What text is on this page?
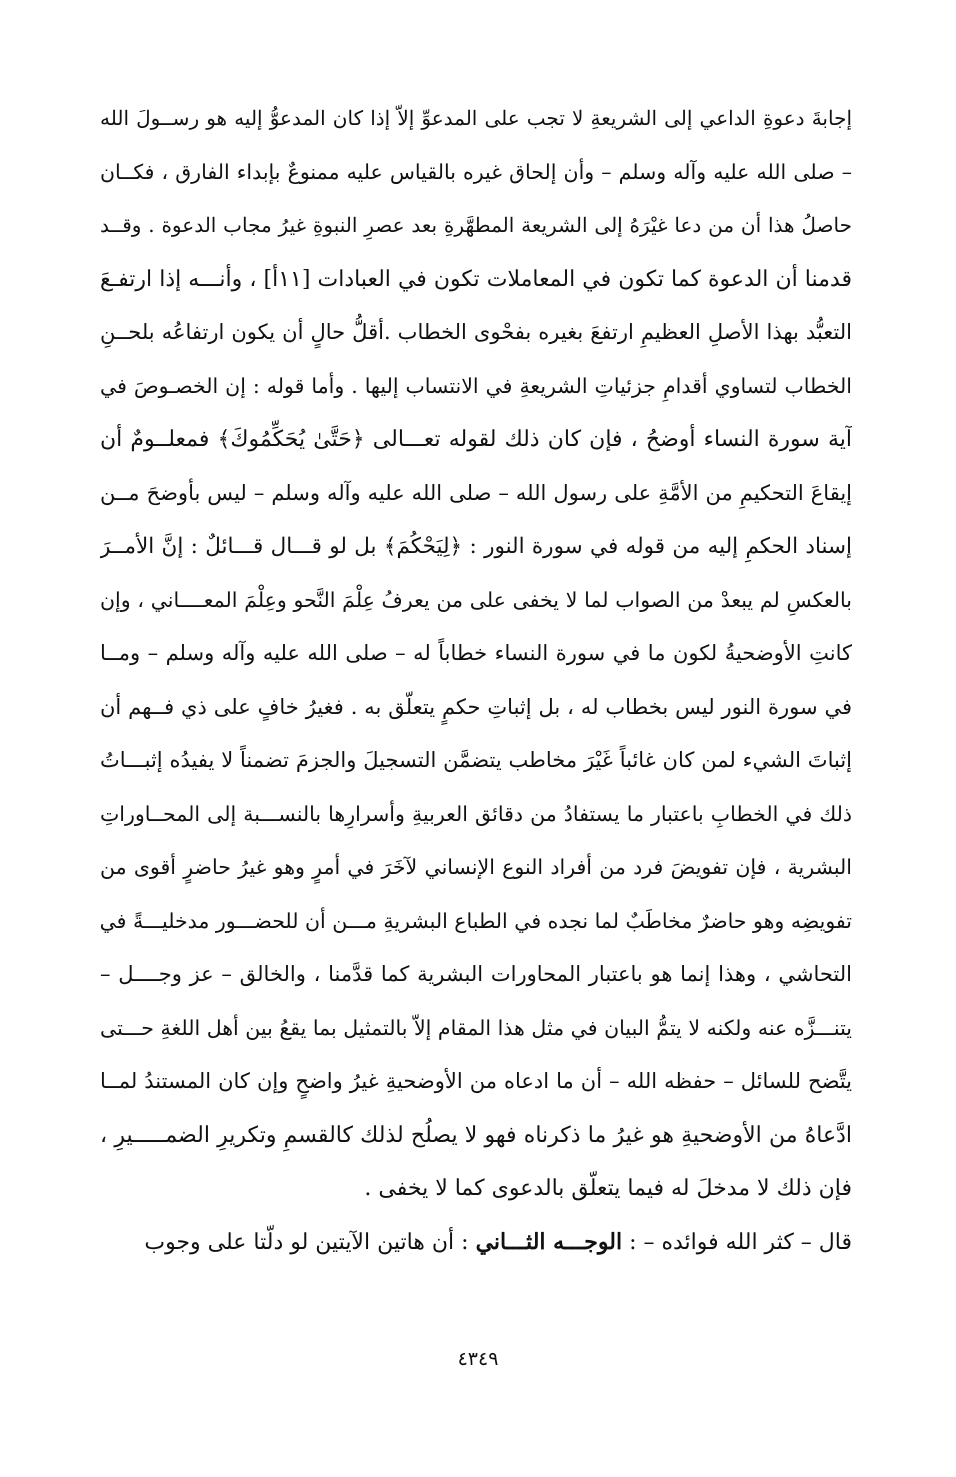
إجابةَ دعوةِ الداعي إلى الشريعةِ لا تجب على المدعوِّ إلاّ إذا كان المدعوُّ إليه هو رســولَ الله
– صلى الله عليه وآله وسلم – وأن إلحاق غيره بالقياس عليه ممنوعٌ بإبداء الفارق ، فكــان
حاصلُ هذا أن من دعا غيْرَهُ إلى الشريعة المطهَّرةِ بعد عصرِ النبوةِ غيرُ مجاب الدعوة . وقــد
قدمنا أن الدعوة كما تكون في المعاملات تكون في العبادات [١١أ] ، وأنـــه إذا ارتفـعَ
التعبُّد بهذا الأصلِ العظيمِ ارتفعَ بغيره بفحْوى الخطاب .أقلُّ حالٍ أن يكون ارتفاعُه بلحــنِ
الخطاب لتساوي أقدامِ جزئياتِ الشريعةِ في الانتساب إليها . وأما قوله : إن الخصـوصَ في
آية سورة النساء أوضحُ ، فإن كان ذلك لقوله تعـــالى ﴿حَتَّىٰ يُحَكِّمُوكَ﴾ فمعلــومٌ أن
إيقاعَ التحكيمِ من الأمَّةِ على رسول الله – صلى الله عليه وآله وسلم – ليس بأوضحَ مــن
إسناد الحكمِ إليه من قوله في سورة النور : ﴿لِيَحْكُمَ﴾ بل لو قـــال قـــائلٌ : إنَّ الأمــرَ
بالعكسِ لم يبعدْ من الصواب لما لا يخفى على من يعرفُ عِلْمَ النَّحو وعِلْمَ المعــــاني ، وإن
كانتِ الأوضحيةُ لكون ما في سورة النساء خطاباً له – صلى الله عليه وآله وسلم – ومــا
في سورة النور ليس بخطاب له ، بل إثباتِ حكمٍ يتعلّق به . فغيرُ خافٍ على ذي فــهم أن
إثباتَ الشيء لمن كان غائباً غَيْرَ مخاطب يتضمَّن التسجيلَ والجزمَ تضمناً لا يفيدُه إثبـــاتُ
ذلك في الخطابِ باعتبار ما يستفادُ من دقائق العربيةِ وأسرارِها بالنســـبة إلى المحــاوراتِ
البشرية ، فإن تفويضَ فرد من أفراد النوع الإنساني لآخَرَ في أمرٍ وهو غيرُ حاضرٍ أقوى من
تفويضِه وهو حاضرٌ مخاطَبٌ لما نجده في الطباع البشريةِ مـــن أن للحضـــور مدخليـــةً في
التحاشي ، وهذا إنما هو باعتبار المحاورات البشرية كما قدَّمنا ، والخالق – عز وجــــل –
يتنـــزَّه عنه ولكنه لا يتمُّ البيان في مثل هذا المقام إلاّ بالتمثيل بما يقعُ بين أهل اللغةِ حـــتى
يتَّضح للسائل – حفظه الله – أن ما ادعاه من الأوضحيةِ غيرُ واضحٍ وإن كان المستندُ لمــا
ادَّعاهُ من الأوضحيةِ هو غيرُ ما ذكرناه فهو لا يصلُح لذلك كالقسمِ وتكريرِ الضمـــــيرِ ،
فإن ذلك لا مدخلَ له فيما يتعلّق بالدعوى كما لا يخفى .
قال – كثر الله فوائده – : الوجـــه الثـــاني : أن هاتين الآيتين لو دلّتا على وجوب
٤٣٤٩
